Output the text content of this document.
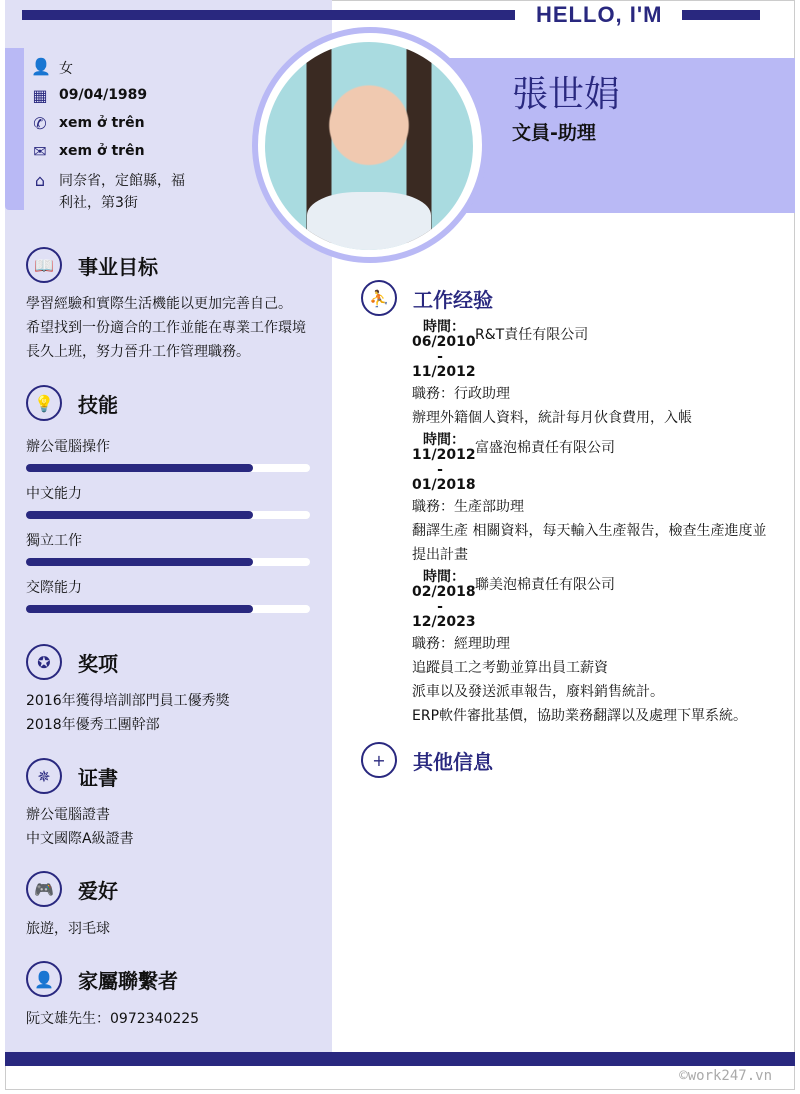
HELLO, I'M
張世娟
文員-助理
👤 女
▦ 09/04/1989
✆ xem ở trên
✉ xem ở trên
⌂ 同奈省，定館縣，福利社，第3街
📖	事业目标
學習經驗和實際生活機能以更加完善自己。
希望找到一份適合的工作並能在專業工作環境長久上班，努力晉升工作管理職務。
💡	技能
辦公電腦操作
中文能力
獨立工作
交際能力
✪	奖项
2016年獲得培訓部門員工優秀獎
2018年優秀工團幹部
✵	证書
辦公電腦證書
中文國際A級證書
🎮	爱好
旅遊，羽毛球
👤	家屬聯繫者
阮文雄先生：0972340225
⛹	工作经验
時間：
06/2010
-
11/2012
R&T責任有限公司
職務：行政助理
辦理外籍個人資料，統計每月伙食費用，入帳
時間：
11/2012
-
01/2018
富盛泡棉責任有限公司
職務：生產部助理
翻譯生產 相關資料，每天輸入生產報告，檢查生產進度並提出計畫
時間：
02/2018
-
12/2023
聯美泡棉責任有限公司
職務：經理助理
追蹤員工之考勤並算出員工薪資
派車以及發送派車報告，廢料銷售統計。
ERP軟件審批基價，協助業務翻譯以及處理下單系統。
+	其他信息
©work247.vn
